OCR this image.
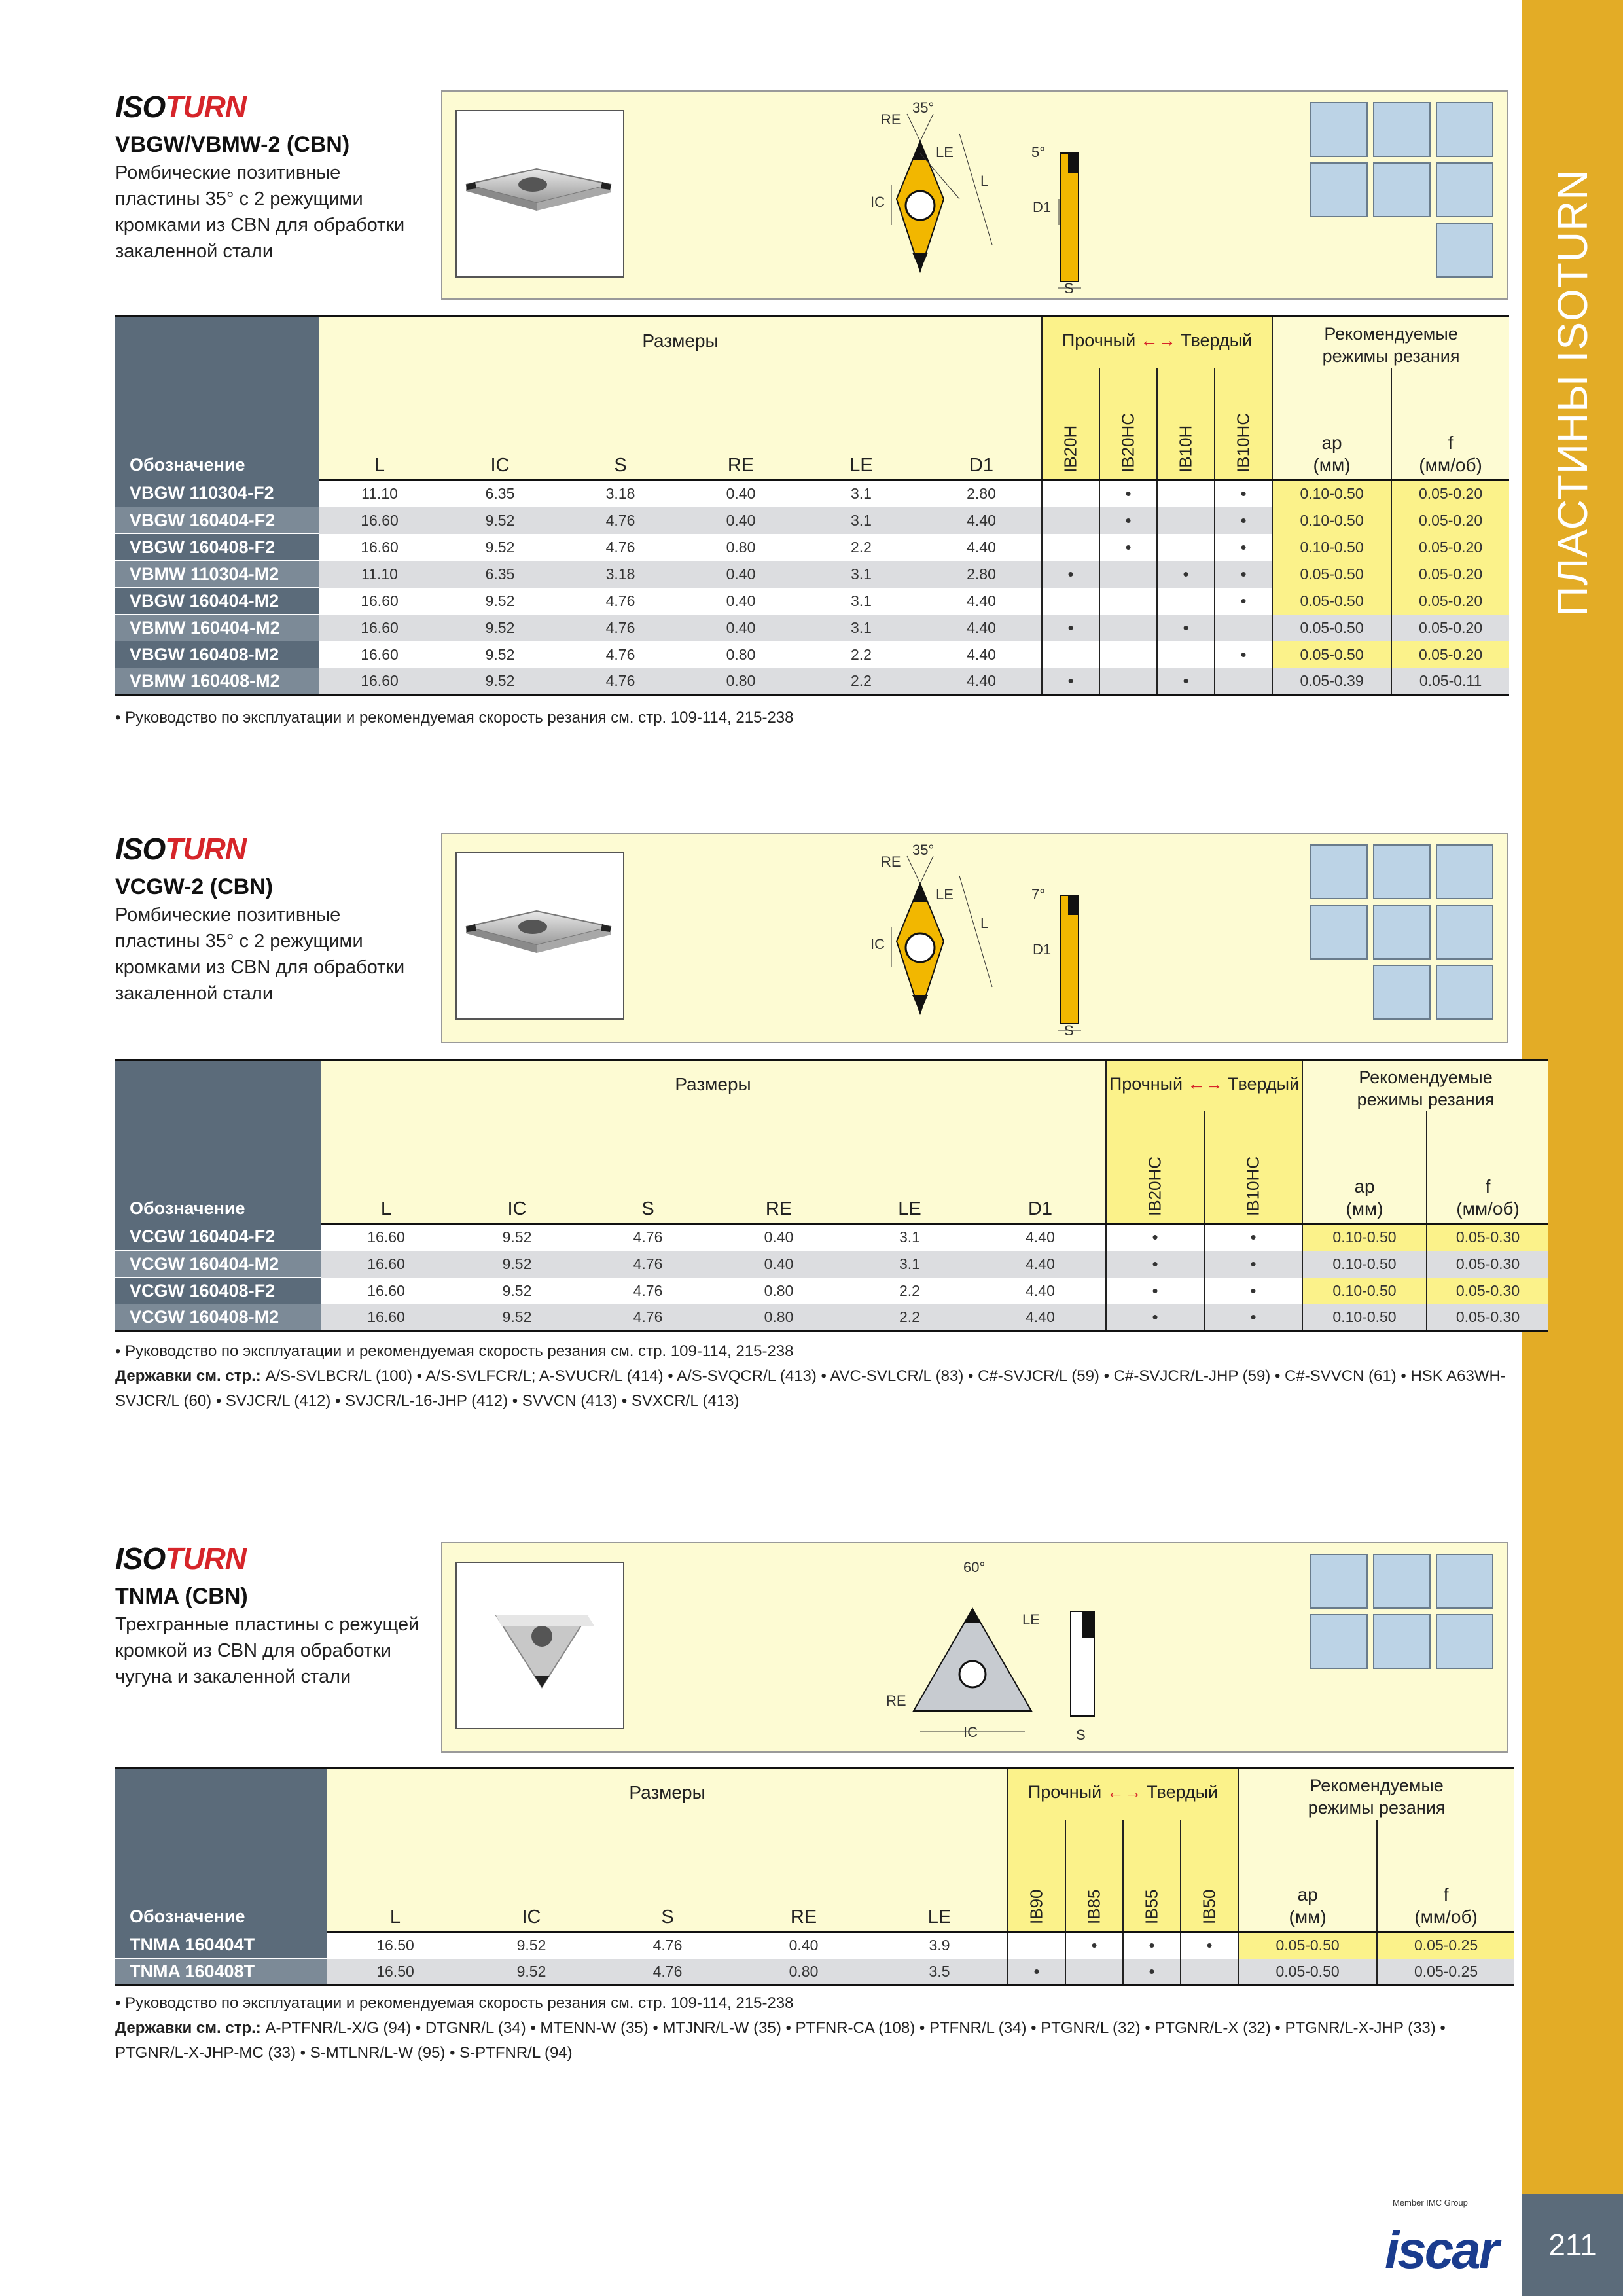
ПЛАСТИНЫ ISOTURN
Member IMC Group
iscar	211
ISOTURN
VBGW/VBMW-2 (CBN)
Ромбические позитивные пластины 35° с 2 режущими кромками из CBN для обработки закаленной стали
35°
RE
LE
L
IC
5°
D1
S
Обозначение	Размеры						Прочный ←→ Твердый				Рекомендуемые
режимы резания	
	L	IC	S	RE	LE	D1	IB20H	IB20HC	IB10H	IB10HC	ap
(мм)	f
(мм/об)
VBGW 110304-F2	11.10	6.35	3.18	0.40	3.1	2.80		•		•	0.10-0.50	0.05-0.20
VBGW 160404-F2	16.60	9.52	4.76	0.40	3.1	4.40		•		•	0.10-0.50	0.05-0.20
VBGW 160408-F2	16.60	9.52	4.76	0.80	2.2	4.40		•		•	0.10-0.50	0.05-0.20
VBMW 110304-M2	11.10	6.35	3.18	0.40	3.1	2.80	•		•	•	0.05-0.50	0.05-0.20
VBGW 160404-M2	16.60	9.52	4.76	0.40	3.1	4.40				•	0.05-0.50	0.05-0.20
VBMW 160404-M2	16.60	9.52	4.76	0.40	3.1	4.40	•		•		0.05-0.50	0.05-0.20
VBGW 160408-M2	16.60	9.52	4.76	0.80	2.2	4.40				•	0.05-0.50	0.05-0.20
VBMW 160408-M2	16.60	9.52	4.76	0.80	2.2	4.40	•		•		0.05-0.39	0.05-0.11
• Руководство по эксплуатации и рекомендуемая скорость резания см. стр. 109-114, 215-238
ISOTURN
VCGW-2 (CBN)
Ромбические позитивные пластины 35° с 2 режущими кромками из CBN для обработки закаленной стали
35°
RE
LE
L
IC
7°
D1
S
Обозначение	Размеры						Прочный ←→ Твердый		Рекомендуемые
режимы резания	
	L	IC	S	RE	LE	D1	IB20HC	IB10HC	ap
(мм)	f
(мм/об)
VCGW 160404-F2	16.60	9.52	4.76	0.40	3.1	4.40	•	•	0.10-0.50	0.05-0.30
VCGW 160404-M2	16.60	9.52	4.76	0.40	3.1	4.40	•	•	0.10-0.50	0.05-0.30
VCGW 160408-F2	16.60	9.52	4.76	0.80	2.2	4.40	•	•	0.10-0.50	0.05-0.30
VCGW 160408-M2	16.60	9.52	4.76	0.80	2.2	4.40	•	•	0.10-0.50	0.05-0.30
• Руководство по эксплуатации и рекомендуемая скорость резания см. стр. 109-114, 215-238
Державки см. стр.: A/S-SVLBCR/L (100) • A/S-SVLFCR/L; A-SVUCR/L (414) • A/S-SVQCR/L (413) • AVC-SVLCR/L (83) • C#-SVJCR/L (59) • C#-SVJCR/L-JHP (59) • C#-SVVCN (61) • HSK A63WH-SVJCR/L (60) • SVJCR/L (412) • SVJCR/L-16-JHP (412) • SVVCN (413) • SVXCR/L (413)
ISOTURN
TNMA (CBN)
Трехгранные пластины с режущей кромкой из CBN для обработки чугуна и закаленной стали
60°
LE
RE
IC	S
Обозначение	Размеры					Прочный ←→ Твердый				Рекомендуемые
режимы резания	
	L	IC	S	RE	LE	IB90	IB85	IB55	IB50	ap
(мм)	f
(мм/об)
TNMA 160404T	16.50	9.52	4.76	0.40	3.9		•	•	•	0.05-0.50	0.05-0.25
TNMA 160408T	16.50	9.52	4.76	0.80	3.5	•		•		0.05-0.50	0.05-0.25
• Руководство по эксплуатации и рекомендуемая скорость резания см. стр. 109-114, 215-238
Державки см. стр.: A-PTFNR/L-X/G (94) • DTGNR/L (34) • MTENN-W (35) • MTJNR/L-W (35) • PTFNR-CA (108) • PTFNR/L (34) • PTGNR/L (32) • PTGNR/L-X (32) • PTGNR/L-X-JHP (33) • PTGNR/L-X-JHP-MC (33) • S-MTLNR/L-W (95) • S-PTFNR/L (94)
